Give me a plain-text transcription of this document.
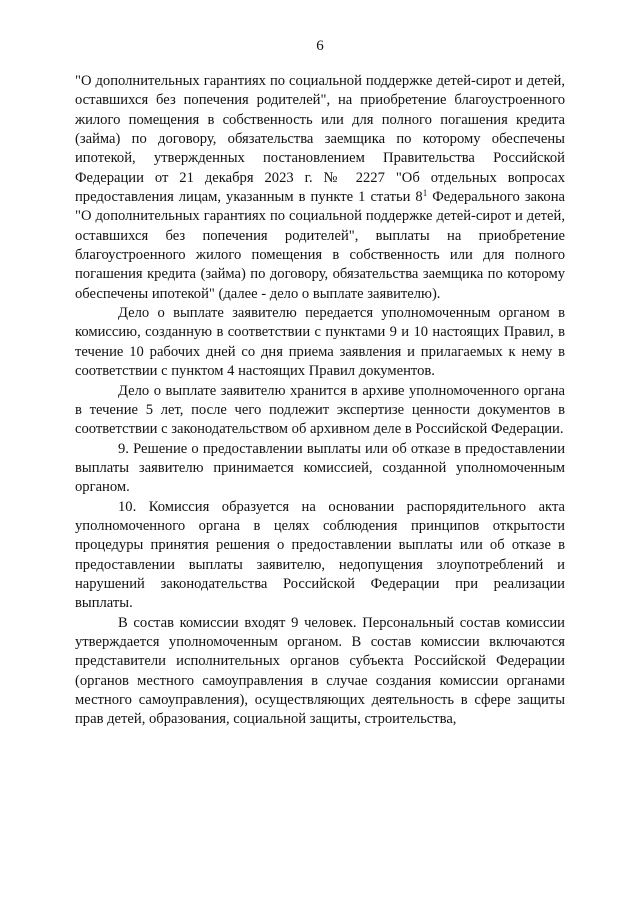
6

"О дополнительных гарантиях по социальной поддержке детей-сирот и детей, оставшихся без попечения родителей", на приобретение благоустроенного жилого помещения в собственность или для полного погашения кредита (займа) по договору, обязательства заемщика по которому обеспечены ипотекой, утвержденных постановлением Правительства Российской Федерации от 21 декабря 2023 г. № 2227 "Об отдельных вопросах предоставления лицам, указанным в пункте 1 статьи $8^1$ Федерального закона "О дополнительных гарантиях по социальной поддержке детей-сирот и детей, оставшихся без попечения родителей", выплаты на приобретение благоустроенного жилого помещения в собственность или для полного погашения кредита (займа) по договору, обязательства заемщика по которому обеспечены ипотекой" (далее - дело о выплате заявителю).

Дело о выплате заявителю передается уполномоченным органом в комиссию, созданную в соответствии с пунктами 9 и 10 настоящих Правил, в течение 10 рабочих дней со дня приема заявления и прилагаемых к нему в соответствии с пунктом 4 настоящих Правил документов.

Дело о выплате заявителю хранится в архиве уполномоченного органа в течение 5 лет, после чего подлежит экспертизе ценности документов в соответствии с законодательством об архивном деле в Российской Федерации.

9. Решение о предоставлении выплаты или об отказе в предоставлении выплаты заявителю принимается комиссией, созданной уполномоченным органом.

10. Комиссия образуется на основании распорядительного акта уполномоченного органа в целях соблюдения принципов открытости процедуры принятия решения о предоставлении выплаты или об отказе в предоставлении выплаты заявителю, недопущения злоупотреблений и нарушений законодательства Российской Федерации при реализации выплаты.

В состав комиссии входят 9 человек. Персональный состав комиссии утверждается уполномоченным органом. В состав комиссии включаются представители исполнительных органов субъекта Российской Федерации (органов местного самоуправления в случае создания комиссии органами местного самоуправления), осуществляющих деятельность в сфере защиты прав детей, образования, социальной защиты, строительства,
